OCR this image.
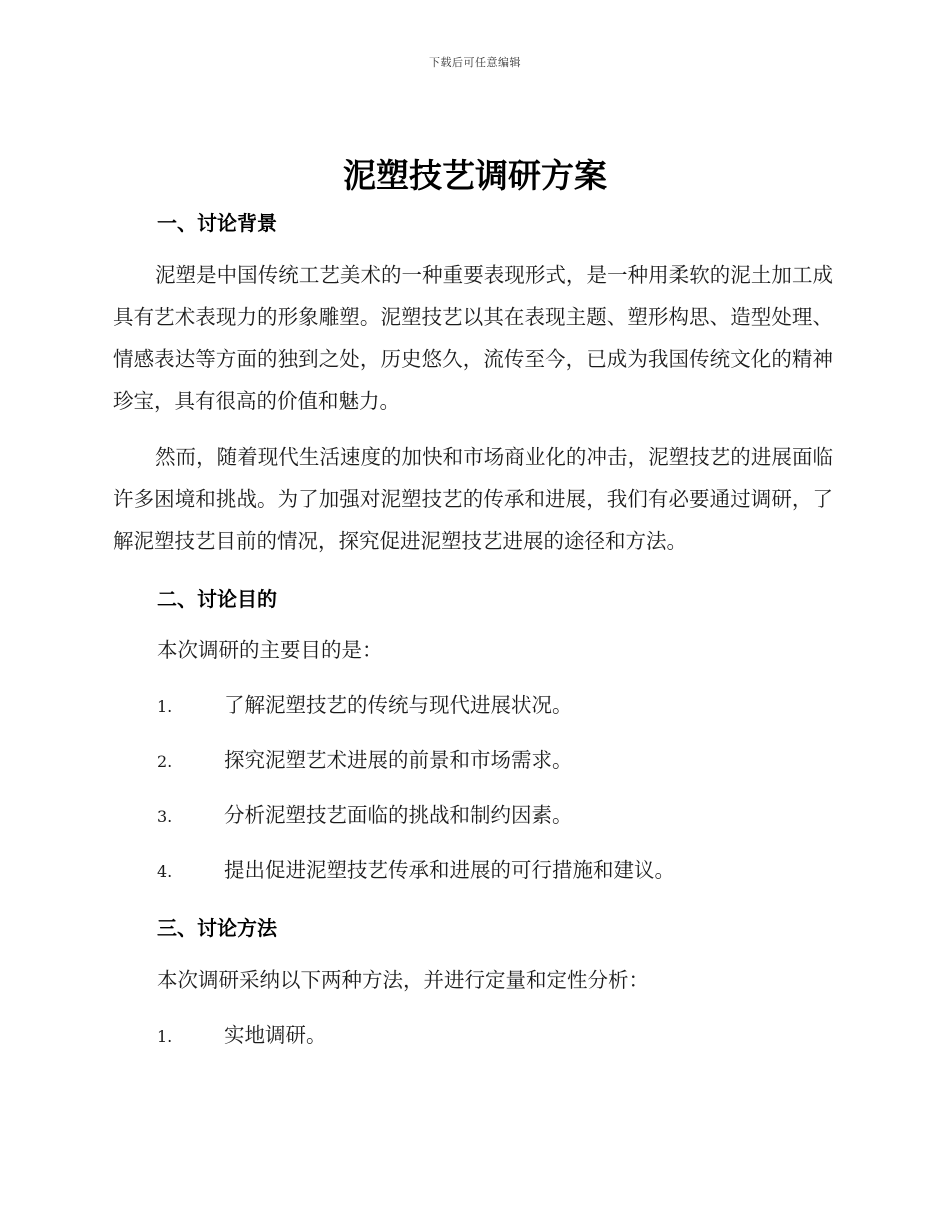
下载后可任意编辑
泥塑技艺调研方案
一、讨论背景

泥塑是中国传统工艺美术的一种重要表现形式，是一种用柔软的泥土加工成具有艺术表现力的形象雕塑。泥塑技艺以其在表现主题、塑形构思、造型处理、情感表达等方面的独到之处，历史悠久，流传至今，已成为我国传统文化的精神珍宝，具有很高的价值和魅力。

然而，随着现代生活速度的加快和市场商业化的冲击，泥塑技艺的进展面临许多困境和挑战。为了加强对泥塑技艺的传承和进展，我们有必要通过调研，了解泥塑技艺目前的情况，探究促进泥塑技艺进展的途径和方法。

二、讨论目的

本次调研的主要目的是：

1.	了解泥塑技艺的传统与现代进展状况。
2.	探究泥塑艺术进展的前景和市场需求。
3.	分析泥塑技艺面临的挑战和制约因素。
4.	提出促进泥塑技艺传承和进展的可行措施和建议。
三、讨论方法

本次调研采纳以下两种方法，并进行定量和定性分析：

1.	实地调研。
